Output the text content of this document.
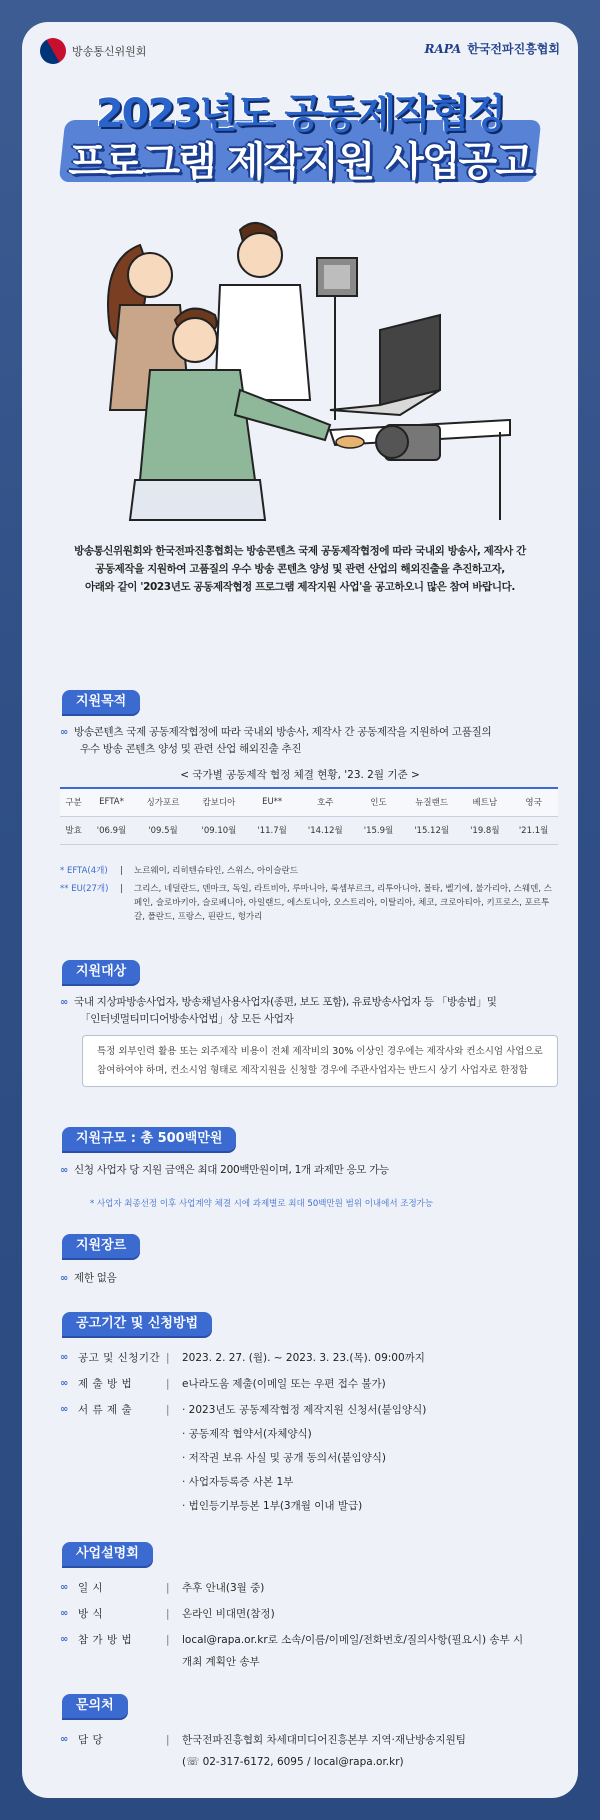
방송통신위원회	RAPA 한국전파진흥협회
2023년도 공동제작협정
프로그램 제작지원 사업공고
방송통신위원회와 한국전파진흥협회는 방송콘텐츠 국제 공동제작협정에 따라 국내외 방송사, 제작사 간
공동제작을 지원하여 고품질의 우수 방송 콘텐츠 양성 및 관련 산업의 해외진출을 추진하고자,
아래와 같이 '2023년도 공동제작협정 프로그램 제작지원 사업'을 공고하오니 많은 참여 바랍니다.
지원목적
∞ 방송콘텐츠 국제 공동제작협정에 따라 국내외 방송사, 제작사 간 공동제작을 지원하여 고품질의
우수 방송 콘텐츠 양성 및 관련 산업 해외진출 추진
< 국가별 공동제작 협정 체결 현황, '23. 2월 기준 >
구분	EFTA*	싱가포르	캄보디아	EU**	호주	인도	뉴질랜드	베트남	영국
발효	'06.9월	'09.5월	'09.10월	'11.7월	'14.12월	'15.9월	'15.12월	'19.8월	'21.1월
* EFTA(4개) | 노르웨이, 리히텐슈타인, 스위스, 아이슬란드
** EU(27개) | 그리스, 네덜란드, 덴마크, 독일, 라트비아, 루마니아, 룩셈부르크, 리투아니아, 몰타, 벨기에, 불가리아, 스웨덴, 스페인, 슬로바키아, 슬로베니아, 아일랜드, 에스토니아, 오스트리아, 이탈리아, 체코, 크로아티아, 키프로스, 포르투갈, 폴란드, 프랑스, 핀란드, 헝가리
지원대상
∞ 국내 지상파방송사업자, 방송채널사용사업자(종편, 보도 포함), 유료방송사업자 등 「방송법」및
「인터넷멀티미디어방송사업법」상 모든 사업자
특정 외부인력 활용 또는 외주제작 비용이 전체 제작비의 30% 이상인 경우에는 제작사와 컨소시엄 사업으로
참여하여야 하며, 컨소시엄 형태로 제작지원을 신청할 경우에 주관사업자는 반드시 상기 사업자로 한정함
지원규모 : 총 500백만원
∞ 신청 사업자 당 지원 금액은 최대 200백만원이며, 1개 과제만 응모 가능
* 사업자 최종선정 이후 사업계약 체결 시에 과제별로 최대 50백만원 범위 이내에서 조정가능
지원장르
∞ 제한 없음
공고기간 및 신청방법
∞ 공고 및 신청기간 | 2023. 2. 27. (월). ~ 2023. 3. 23.(목). 09:00까지
∞ 제 출 방 법	| e나라도움 제출(이메일 또는 우편 접수 불가)
∞ 서 류 제 출	| · 2023년도 공동제작협정 제작지원 신청서(붙임양식)
· 공동제작 협약서(자체양식)
· 저작권 보유 사실 및 공개 동의서(붙임양식)
· 사업자등록증 사본 1부
· 법인등기부등본 1부(3개월 이내 발급)
사업설명회
∞ 일 시	| 추후 안내(3월 중)
∞ 방 식	| 온라인 비대면(참정)
∞ 참 가 방 법	| local@rapa.or.kr로 소속/이름/이메일/전화번호/질의사항(필요시) 송부 시
개최 계획안 송부
문의처
∞ 담 당	| 한국전파진흥협회 차세대미디어진흥본부 지역·재난방송지원팀
(☏ 02-317-6172, 6095 / local@rapa.or.kr)
